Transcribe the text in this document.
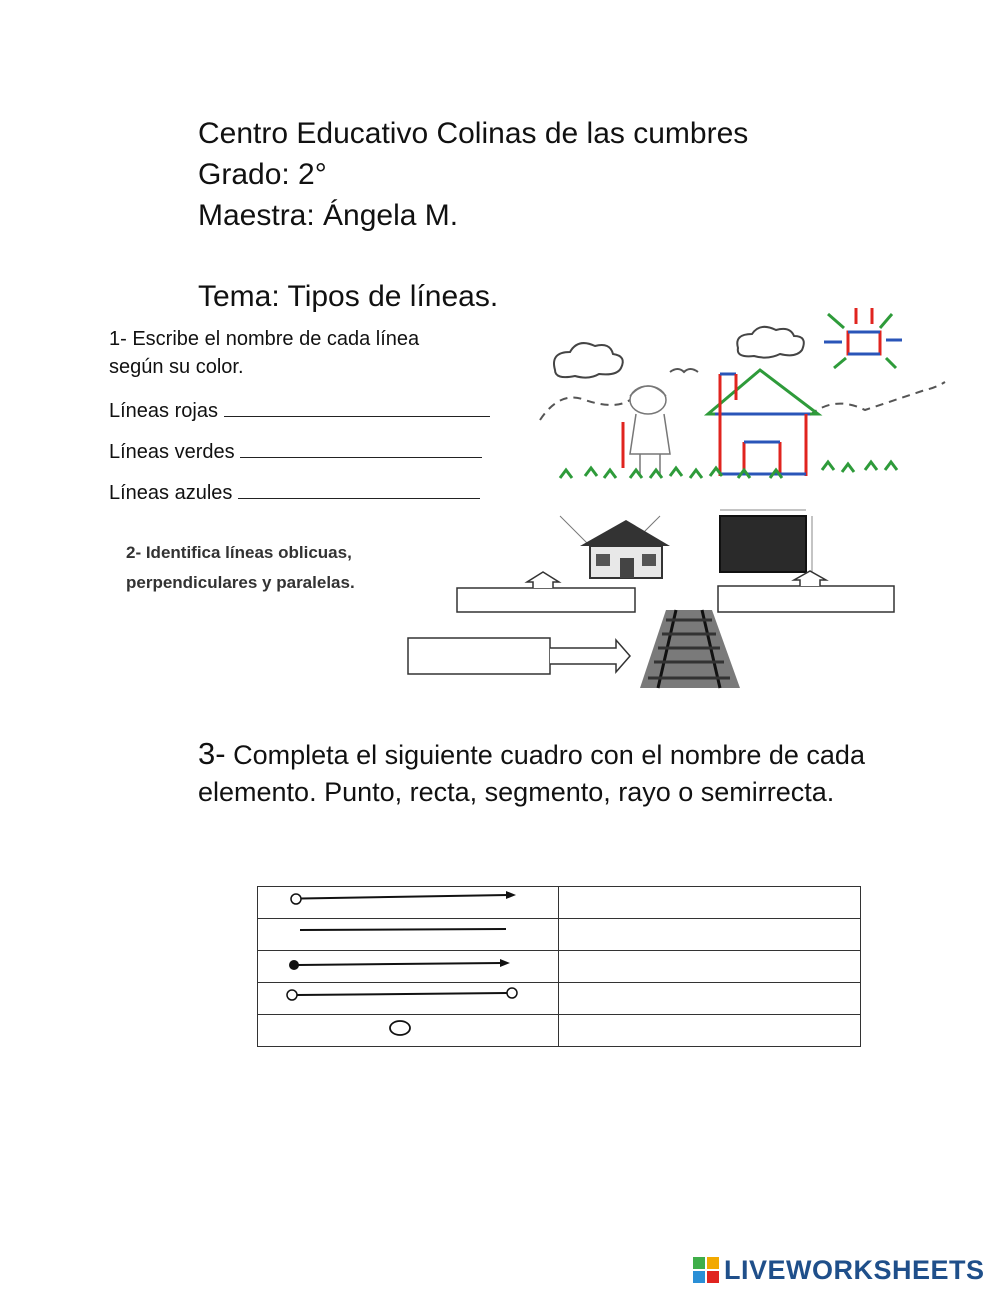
Centro Educativo Colinas de las cumbres
Grado: 2°
Maestra: Ángela M.
Tema: Tipos de líneas.
1- Escribe el nombre de cada línea
según su color.
Líneas rojas
Líneas verdes
Líneas azules
2- Identifica líneas oblicuas,
perpendiculares y paralelas.
3- Completa el siguiente cuadro con el nombre de cada elemento. Punto, recta, segmento, rayo o semirrecta.

LIVEWORKSHEETS
